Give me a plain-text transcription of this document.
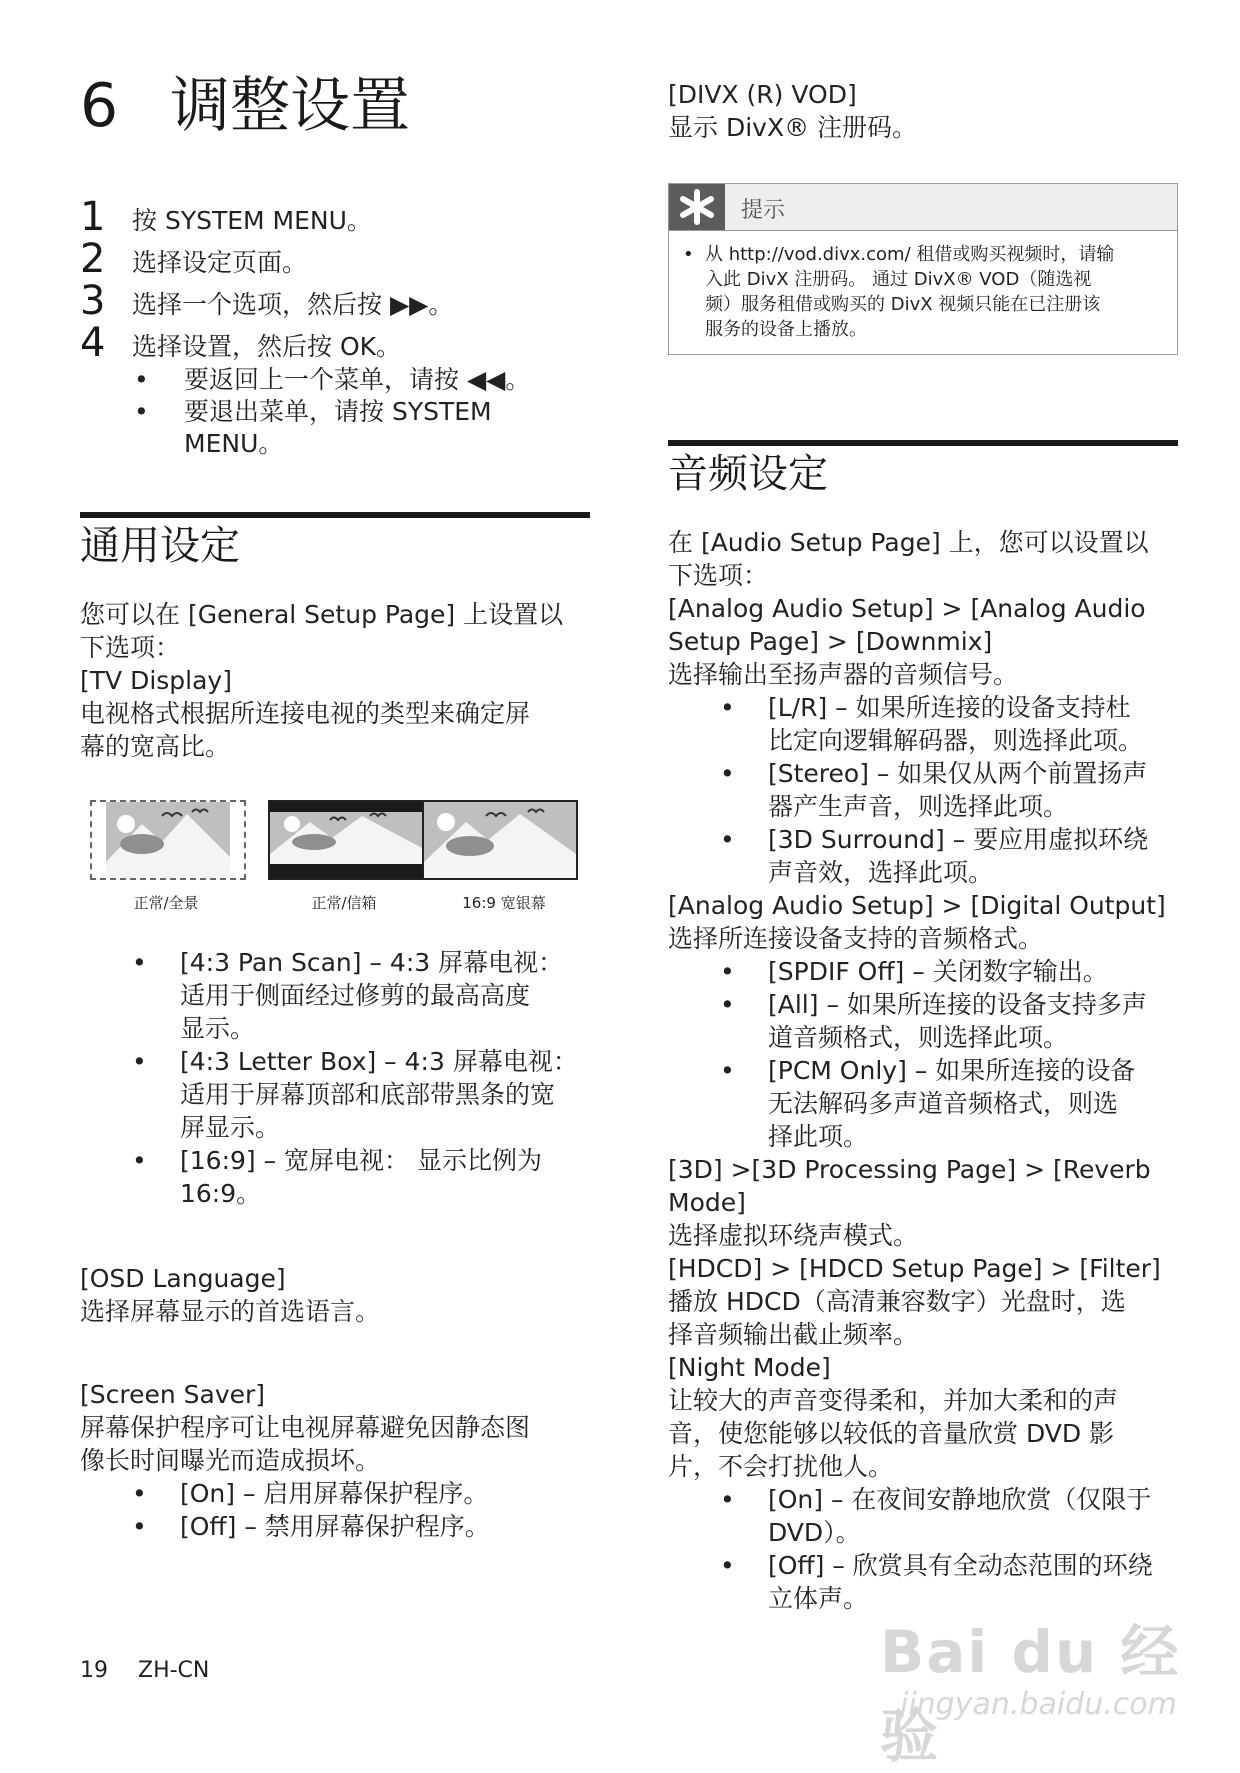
6 调整设置
1	按 SYSTEM MENU。
2	选择设定页面。
3	选择一个选项，然后按 ▶▶。
4	选择设置，然后按 OK。
• 要返回上一个菜单，请按 ◀◀。
• 要退出菜单，请按 SYSTEM
MENU。
通用设定

您可以在 [General Setup Page] 上设置以

下选项：

[TV Display]

电视格式根据所连接电视的类型来确定屏

幕的宽高比。

正常/全景	正常/信箱	16:9 宽银幕
• [4:3 Pan Scan] – 4:3 屏幕电视：
适用于侧面经过修剪的最高高度
显示。
• [4:3 Letter Box] – 4:3 屏幕电视：
适用于屏幕顶部和底部带黑条的宽
屏显示。
• [16:9] – 宽屏电视： 显示比例为
16:9。

[OSD Language]

选择屏幕显示的首选语言。

[Screen Saver]

屏幕保护程序可让电视屏幕避免因静态图

像长时间曝光而造成损坏。

• [On] – 启用屏幕保护程序。
• [Off] – 禁用屏幕保护程序。

[DIVX (R) VOD]

显示 DivX® 注册码。

提示
• 从 http://vod.divx.com/ 租借或购买视频时，请输
入此 DivX 注册码。 通过 DivX® VOD（随选视
频）服务租借或购买的 DivX 视频只能在已注册该
服务的设备上播放。
音频设定

在 [Audio Setup Page] 上，您可以设置以

下选项：

[Analog Audio Setup] > [Analog Audio

Setup Page] > [Downmix]

选择输出至扬声器的音频信号。

• [L/R] – 如果所连接的设备支持杜
比定向逻辑解码器，则选择此项。
• [Stereo] – 如果仅从两个前置扬声
器产生声音，则选择此项。
• [3D Surround] – 要应用虚拟环绕
声音效，选择此项。

[Analog Audio Setup] > [Digital Output]

选择所连接设备支持的音频格式。

• [SPDIF Off] – 关闭数字输出。
• [All] – 如果所连接的设备支持多声
道音频格式，则选择此项。
• [PCM Only] – 如果所连接的设备
无法解码多声道音频格式，则选
择此项。

[3D] >[3D Processing Page] > [Reverb

Mode]

选择虚拟环绕声模式。

[HDCD] > [HDCD Setup Page] > [Filter]

播放 HDCD（高清兼容数字）光盘时，选

择音频输出截止频率。

[Night Mode]

让较大的声音变得柔和，并加大柔和的声

音，使您能够以较低的音量欣赏 DVD 影

片，不会打扰他人。

• [On] – 在夜间安静地欣赏（仅限于
DVD）。
• [Off] – 欣赏具有全动态范围的环绕
立体声。
19 ZH-CN	Bai du 经验
jingyan.baidu.com
